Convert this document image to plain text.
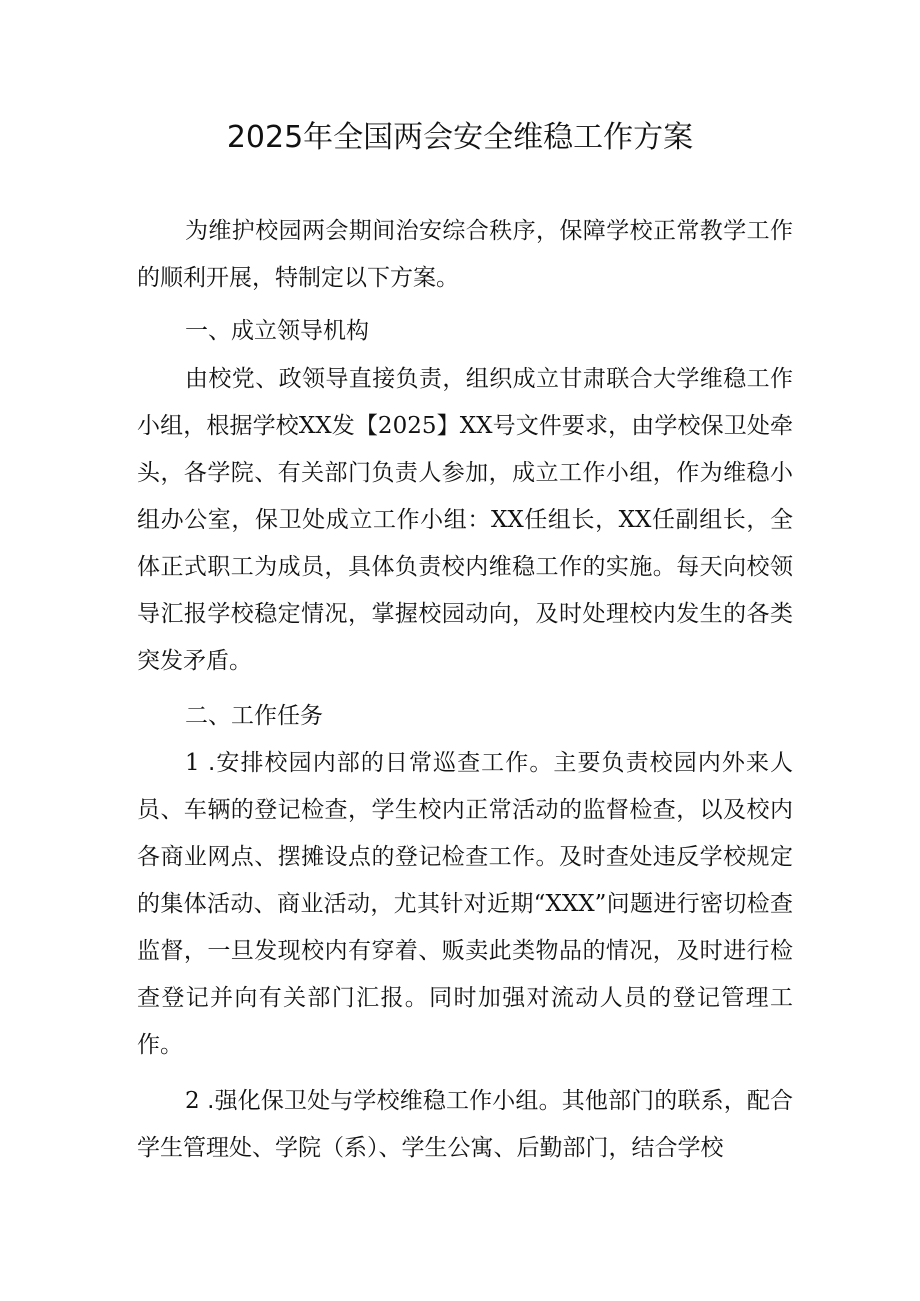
2025年全国两会安全维稳工作方案

为维护校园两会期间治安综合秩序，保障学校正常教学工作的顺利开展，特制定以下方案。

一、成立领导机构

由校党、政领导直接负责，组织成立甘肃联合大学维稳工作小组，根据学校XX发【2025】XX号文件要求，由学校保卫处牵头，各学院、有关部门负责人参加，成立工作小组，作为维稳小组办公室，保卫处成立工作小组：XX任组长，XX任副组长，全体正式职工为成员，具体负责校内维稳工作的实施。每天向校领导汇报学校稳定情况，掌握校园动向，及时处理校内发生的各类突发矛盾。

二、工作任务

1 .安排校园内部的日常巡查工作。主要负责校园内外来人员、车辆的登记检查，学生校内正常活动的监督检查，以及校内各商业网点、摆摊设点的登记检查工作。及时查处违反学校规定的集体活动、商业活动，尤其针对近期“XXX”问题进行密切检查监督，一旦发现校内有穿着、贩卖此类物品的情况，及时进行检查登记并向有关部门汇报。同时加强对流动人员的登记管理工作。

2 .强化保卫处与学校维稳工作小组。其他部门的联系，配合学生管理处、学院（系）、学生公寓、后勤部门，结合学校
